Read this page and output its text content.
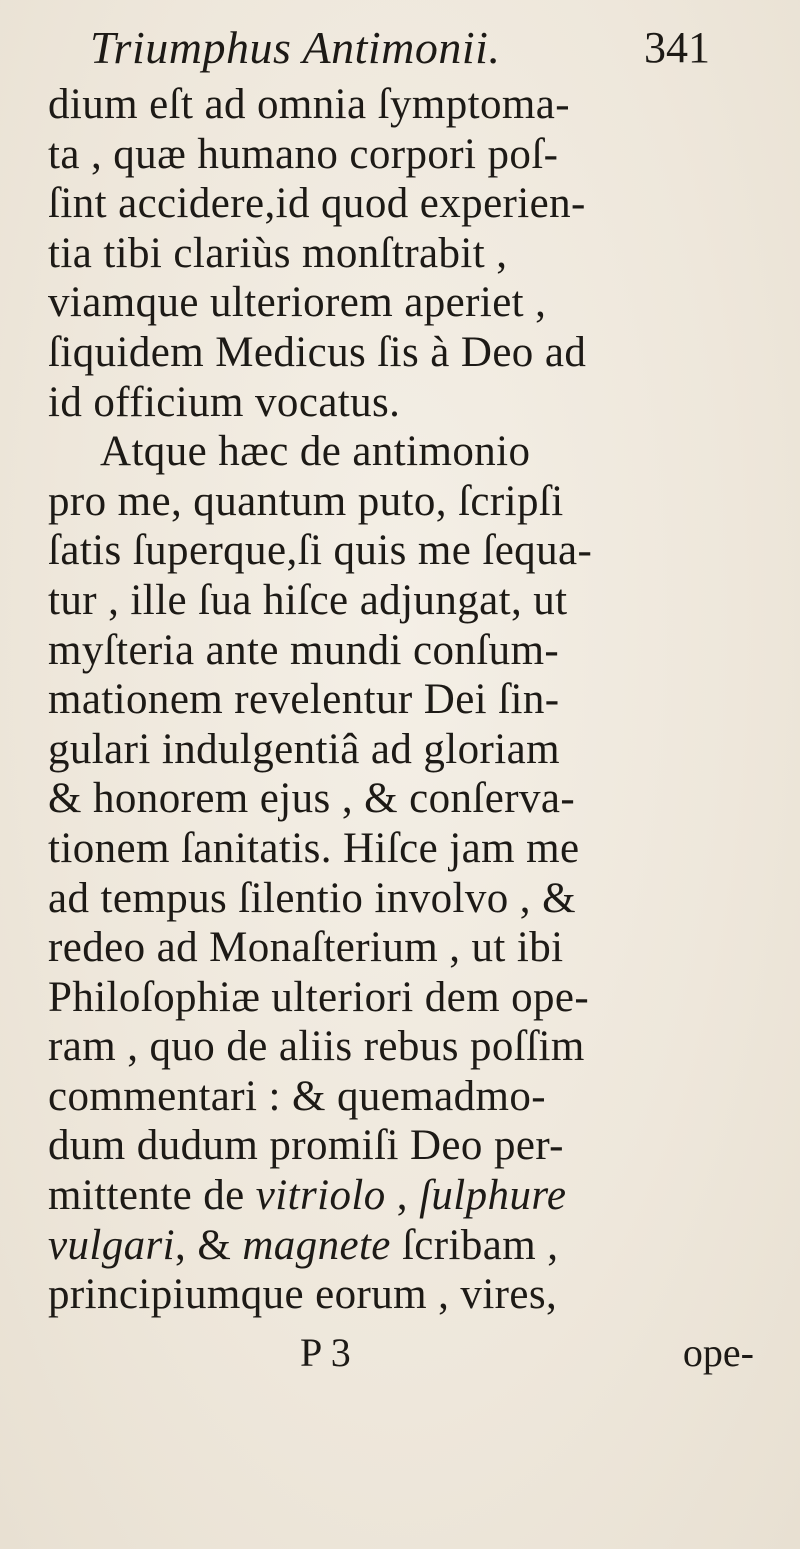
Triumphus Antimonii.	341
dium eſt ad omnia ſymptoma-
ta , quæ humano corpori poſ-
ſint accidere,id quod experien-
tia tibi clariùs monſtrabit ,
viamque ulteriorem aperiet ,
ſiquidem Medicus ſis à Deo ad
id officium vocatus.
Atque hæc de antimonio
pro me, quantum puto, ſcripſi
ſatis ſuperque,ſi quis me ſequa-
tur , ille ſua hiſce adjungat, ut
myſteria ante mundi conſum-
mationem revelentur Dei ſin-
gulari indulgentiâ ad gloriam
& honorem ejus , & conſerva-
tionem ſanitatis. Hiſce jam me
ad tempus ſilentio involvo , &
redeo ad Monaſterium , ut ibi
Philoſophiæ ulteriori dem ope-
ram , quo de aliis rebus poſſim
commentari : & quemadmo-
dum dudum promiſi Deo per-
mittente de vitriolo , ſulphure
vulgari, & magnete ſcribam ,
principiumque eorum , vires,
P 3	ope-
